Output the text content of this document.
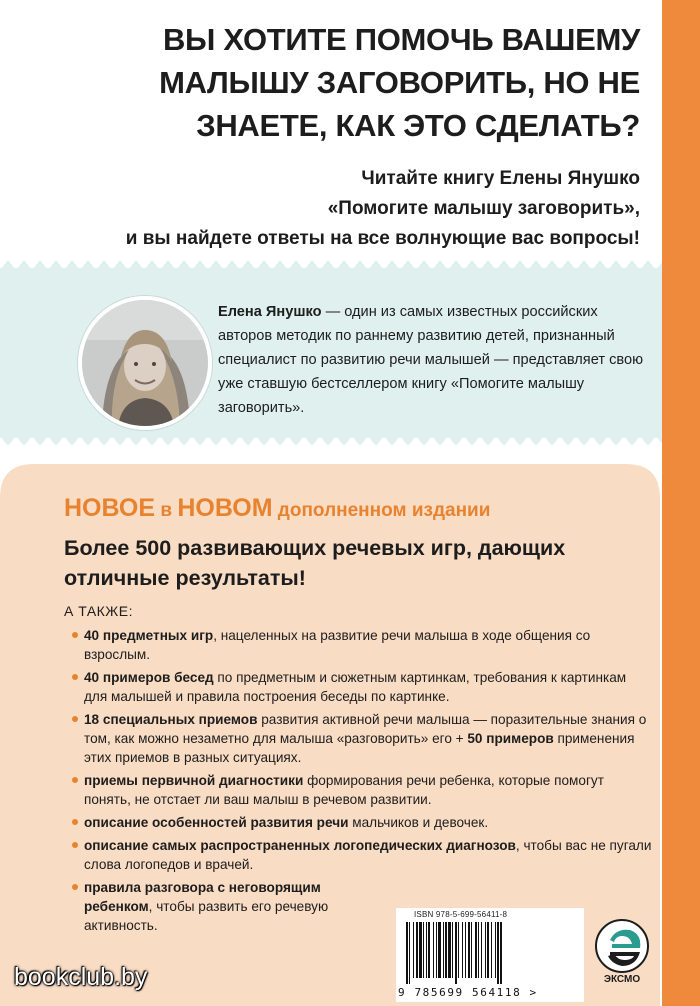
ВЫ ХОТИТЕ ПОМОЧЬ ВАШЕМУ МАЛЫШУ ЗАГОВОРИТЬ, НО НЕ ЗНАЕТЕ, КАК ЭТО СДЕЛАТЬ?
Читайте книгу Елены Янушко
«Помогите малышу заговорить»,
и вы найдете ответы на все волнующие вас вопросы!
Елена Янушко — один из самых известных российских авторов методик по раннему развитию детей, признанный специалист по развитию речи малышей — представляет свою уже ставшую бестселлером книгу «Помогите малышу заговорить».
НОВОЕ в НОВОМ дополненном издании
Более 500 развивающих речевых игр, дающих отличные результаты!
А ТАКЖЕ:
40 предметных игр, нацеленных на развитие речи малыша в ходе общения со взрослым.
40 примеров бесед по предметным и сюжетным картинкам, требования к картинкам для малышей и правила построения беседы по картинке.
18 специальных приемов развития активной речи малыша — поразительные знания о том, как можно незаметно для малыша «разговорить» его + 50 примеров применения этих приемов в разных ситуациях.
приемы первичной диагностики формирования речи ребенка, которые помогут понять, не отстает ли ваш малыш в речевом развитии.
описание особенностей развития речи мальчиков и девочек.
описание самых распространенных логопедических диагнозов, чтобы вас не пугали слова логопедов и врачей.
правила разговора с неговорящим ребенком, чтобы развить его речевую активность.
ISBN 978-5-699-56411-8
9 785699 564118 >
ЭКСМО
bookclub.by
